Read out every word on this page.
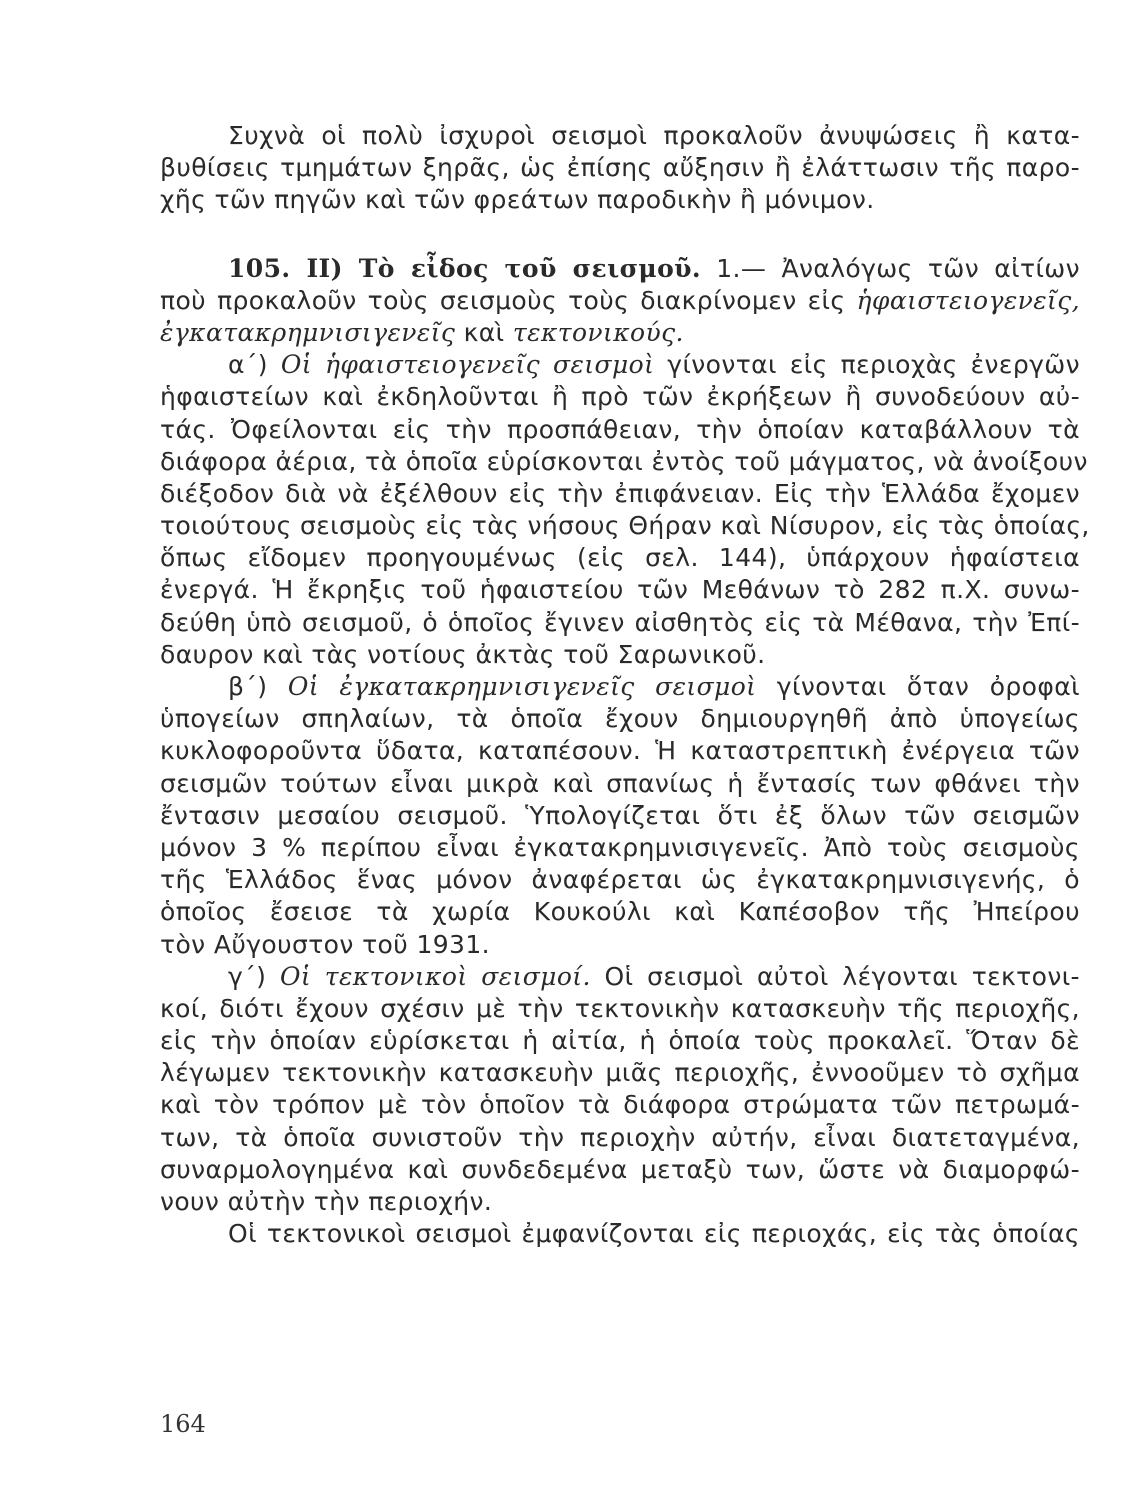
Συχνὰ οἱ πολὺ ἰσχυροὶ σεισμοὶ προκαλοῦν ἀνυψώσεις ἢ κατα-
βυθίσεις τμημάτων ξηρᾶς, ὡς ἐπίσης αὔξησιν ἢ ἐλάττωσιν τῆς παρο-
χῆς τῶν πηγῶν καὶ τῶν φρεάτων παροδικὴν ἢ μόνιμον.
105. II) Τὸ εἶδος τοῦ σεισμοῦ. 1.— Ἀναλόγως τῶν αἰτίων
ποὺ προκαλοῦν τοὺς σεισμοὺς τοὺς διακρίνομεν εἰς ἡφαιστειογενεῖς,
ἐγκατακρημνισιγενεῖς καὶ τεκτονικούς.
α΄) Οἱ ἡφαιστειογενεῖς σεισμοὶ γίνονται εἰς περιοχὰς ἐνεργῶν
ἡφαιστείων καὶ ἐκδηλοῦνται ἢ πρὸ τῶν ἐκρήξεων ἢ συνοδεύουν αὐ-
τάς. Ὀφείλονται εἰς τὴν προσπάθειαν, τὴν ὁποίαν καταβάλλουν τὰ
διάφορα ἀέρια, τὰ ὁποῖα εὑρίσκονται ἐντὸς τοῦ μάγματος, νὰ ἀνοίξουν
διέξοδον διὰ νὰ ἐξέλθουν εἰς τὴν ἐπιφάνειαν. Εἰς τὴν Ἑλλάδα ἔχομεν
τοιούτους σεισμοὺς εἰς τὰς νήσους Θήραν καὶ Νίσυρον, εἰς τὰς ὁποίας,
ὅπως εἴδομεν προηγουμένως (εἰς σελ. 144), ὑπάρχουν ἡφαίστεια
ἐνεργά. Ἡ ἔκρηξις τοῦ ἡφαιστείου τῶν Μεθάνων τὸ 282 π.Χ. συνω-
δεύθη ὑπὸ σεισμοῦ, ὁ ὁποῖος ἔγινεν αἰσθητὸς εἰς τὰ Μέθανα, τὴν Ἐπί-
δαυρον καὶ τὰς νοτίους ἀκτὰς τοῦ Σαρωνικοῦ.
β΄) Οἱ ἐγκατακρημνισιγενεῖς σεισμοὶ γίνονται ὅταν ὀροφαὶ
ὑπογείων σπηλαίων, τὰ ὁποῖα ἔχουν δημιουργηθῆ ἀπὸ ὑπογείως
κυκλοφοροῦντα ὕδατα, καταπέσουν. Ἡ καταστρεπτικὴ ἐνέργεια τῶν
σεισμῶν τούτων εἶναι μικρὰ καὶ σπανίως ἡ ἔντασίς των φθάνει τὴν
ἔντασιν μεσαίου σεισμοῦ. Ὑπολογίζεται ὅτι ἐξ ὅλων τῶν σεισμῶν
μόνον 3 % περίπου εἶναι ἐγκατακρημνισιγενεῖς. Ἀπὸ τοὺς σεισμοὺς
τῆς Ἑλλάδος ἕνας μόνον ἀναφέρεται ὡς ἐγκατακρημνισιγενής, ὁ
ὁποῖος ἔσεισε τὰ χωρία Κουκούλι καὶ Καπέσοβον τῆς Ἠπείρου
τὸν Αὔγουστον τοῦ 1931.
γ΄) Οἱ τεκτονικοὶ σεισμοί. Οἱ σεισμοὶ αὐτοὶ λέγονται τεκτονι-
κοί, διότι ἔχουν σχέσιν μὲ τὴν τεκτονικὴν κατασκευὴν τῆς περιοχῆς,
εἰς τὴν ὁποίαν εὑρίσκεται ἡ αἰτία, ἡ ὁποία τοὺς προκαλεῖ. Ὅταν δὲ
λέγωμεν τεκτονικὴν κατασκευὴν μιᾶς περιοχῆς, ἐννοοῦμεν τὸ σχῆμα
καὶ τὸν τρόπον μὲ τὸν ὁποῖον τὰ διάφορα στρώματα τῶν πετρωμά-
των, τὰ ὁποῖα συνιστοῦν τὴν περιοχὴν αὐτήν, εἶναι διατεταγμένα,
συναρμολογημένα καὶ συνδεδεμένα μεταξὺ των, ὥστε νὰ διαμορφώ-
νουν αὐτὴν τὴν περιοχήν.
Οἱ τεκτονικοὶ σεισμοὶ ἐμφανίζονται εἰς περιοχάς, εἰς τὰς ὁποίας
164
